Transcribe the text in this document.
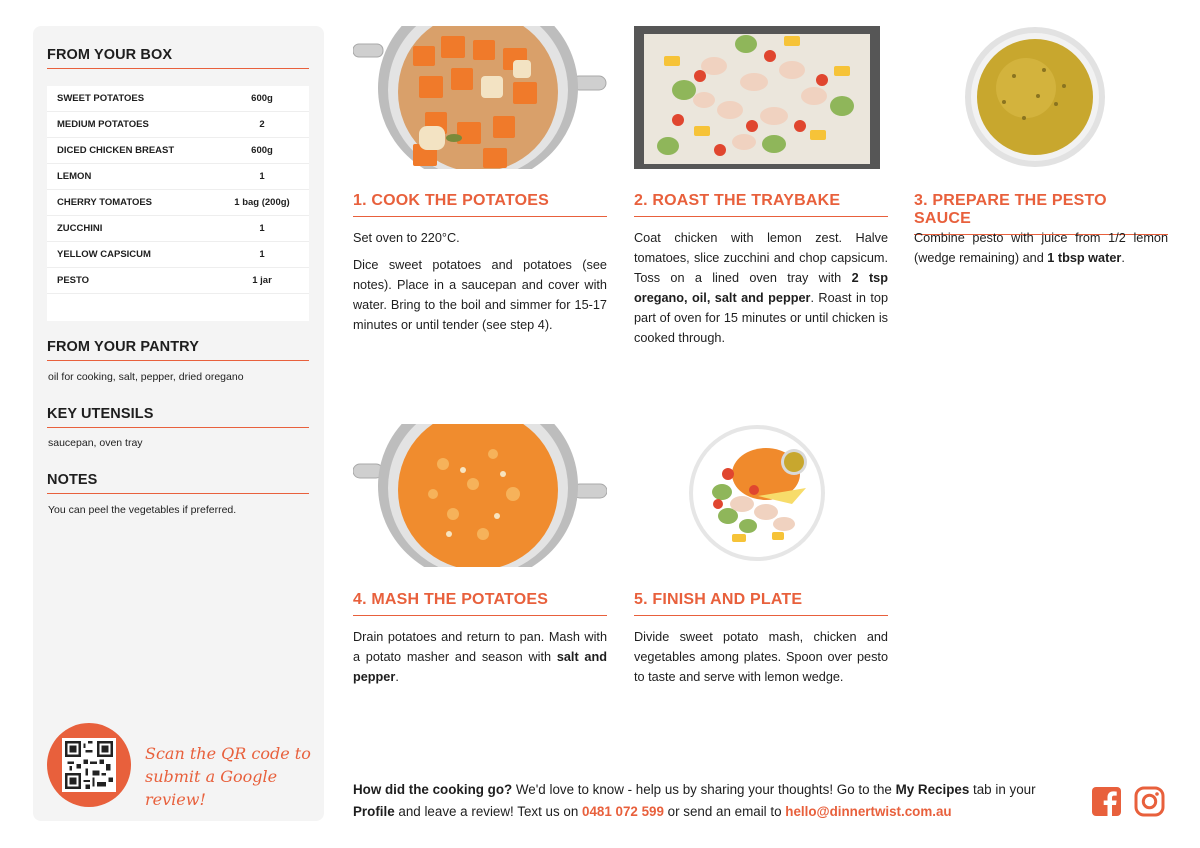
FROM YOUR BOX
SWEET POTATOES	600g
MEDIUM POTATOES	2
DICED CHICKEN BREAST	600g
LEMON	1
CHERRY TOMATOES	1 bag (200g)
ZUCCHINI	1
YELLOW CAPSICUM	1
PESTO	1 jar
FROM YOUR PANTRY
oil for cooking, salt, pepper, dried oregano
KEY UTENSILS
saucepan, oven tray
NOTES
You can peel the vegetables if preferred.
Scan the QR code to
submit a Google review!
1. COOK THE POTATOES

Set oven to 220°C.

Dice sweet potatoes and potatoes (see notes). Place in a saucepan and cover with water. Bring to the boil and simmer for 15-17 minutes or until tender (see step 4).

2. ROAST THE TRAYBAKE

Coat chicken with lemon zest. Halve tomatoes, slice zucchini and chop capsicum. Toss on a lined oven tray with 2 tsp oregano, oil, salt and pepper. Roast in top part of oven for 15 minutes or until chicken is cooked through.

3. PREPARE THE PESTO SAUCE

Combine pesto with juice from 1/2 lemon (wedge remaining) and 1 tbsp water.

4. MASH THE POTATOES

Drain potatoes and return to pan. Mash with a potato masher and season with salt and pepper.

5. FINISH AND PLATE

Divide sweet potato mash, chicken and vegetables among plates. Spoon over pesto to taste and serve with lemon wedge.

How did the cooking go? We'd love to know - help us by sharing your thoughts! Go to the My Recipes tab in your Profile and leave a review! Text us on 0481 072 599 or send an email to hello@dinnertwist.com.au
